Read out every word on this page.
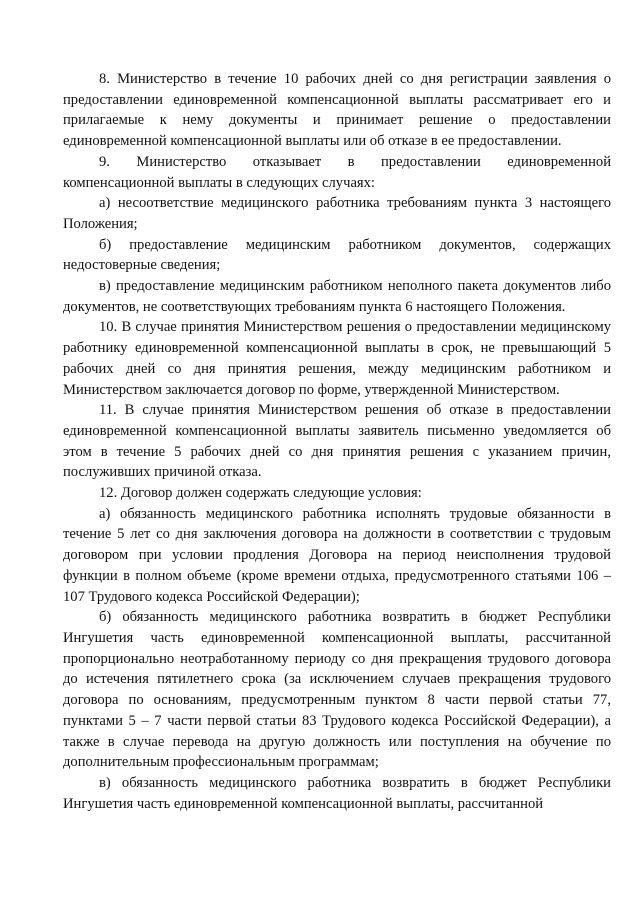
8. Министерство в течение 10 рабочих дней со дня регистрации заявления о предоставлении единовременной компенсационной выплаты рассматривает его и прилагаемые к нему документы и принимает решение о предоставлении единовременной компенсационной выплаты или об отказе в ее предоставлении.

9. Министерство отказывает в предоставлении единовременной компенсационной выплаты в следующих случаях:

а) несоответствие медицинского работника требованиям пункта 3 настоящего Положения;

б) предоставление медицинским работником документов, содержащих недостоверные сведения;

в) предоставление медицинским работником неполного пакета документов либо документов, не соответствующих требованиям пункта 6 настоящего Положения.

10. В случае принятия Министерством решения о предоставлении медицинскому работнику единовременной компенсационной выплаты в срок, не превышающий 5 рабочих дней со дня принятия решения, между медицинским работником и Министерством заключается договор по форме, утвержденной Министерством.

11. В случае принятия Министерством решения об отказе в предоставлении единовременной компенсационной выплаты заявитель письменно уведомляется об этом в течение 5 рабочих дней со дня принятия решения с указанием причин, послуживших причиной отказа.

12. Договор должен содержать следующие условия:

а) обязанность медицинского работника исполнять трудовые обязанности в течение 5 лет со дня заключения договора на должности в соответствии с трудовым договором при условии продления Договора на период неисполнения трудовой функции в полном объеме (кроме времени отдыха, предусмотренного статьями 106 – 107 Трудового кодекса Российской Федерации);

б) обязанность медицинского работника возвратить в бюджет Республики Ингушетия часть единовременной компенсационной выплаты, рассчитанной пропорционально неотработанному периоду со дня прекращения трудового договора до истечения пятилетнего срока (за исключением случаев прекращения трудового договора по основаниям, предусмотренным пунктом 8 части первой статьи 77, пунктами 5 – 7 части первой статьи 83 Трудового кодекса Российской Федерации), а также в случае перевода на другую должность или поступления на обучение по дополнительным профессиональным программам;

в) обязанность медицинского работника возвратить в бюджет Республики Ингушетия часть единовременной компенсационной выплаты, рассчитанной
